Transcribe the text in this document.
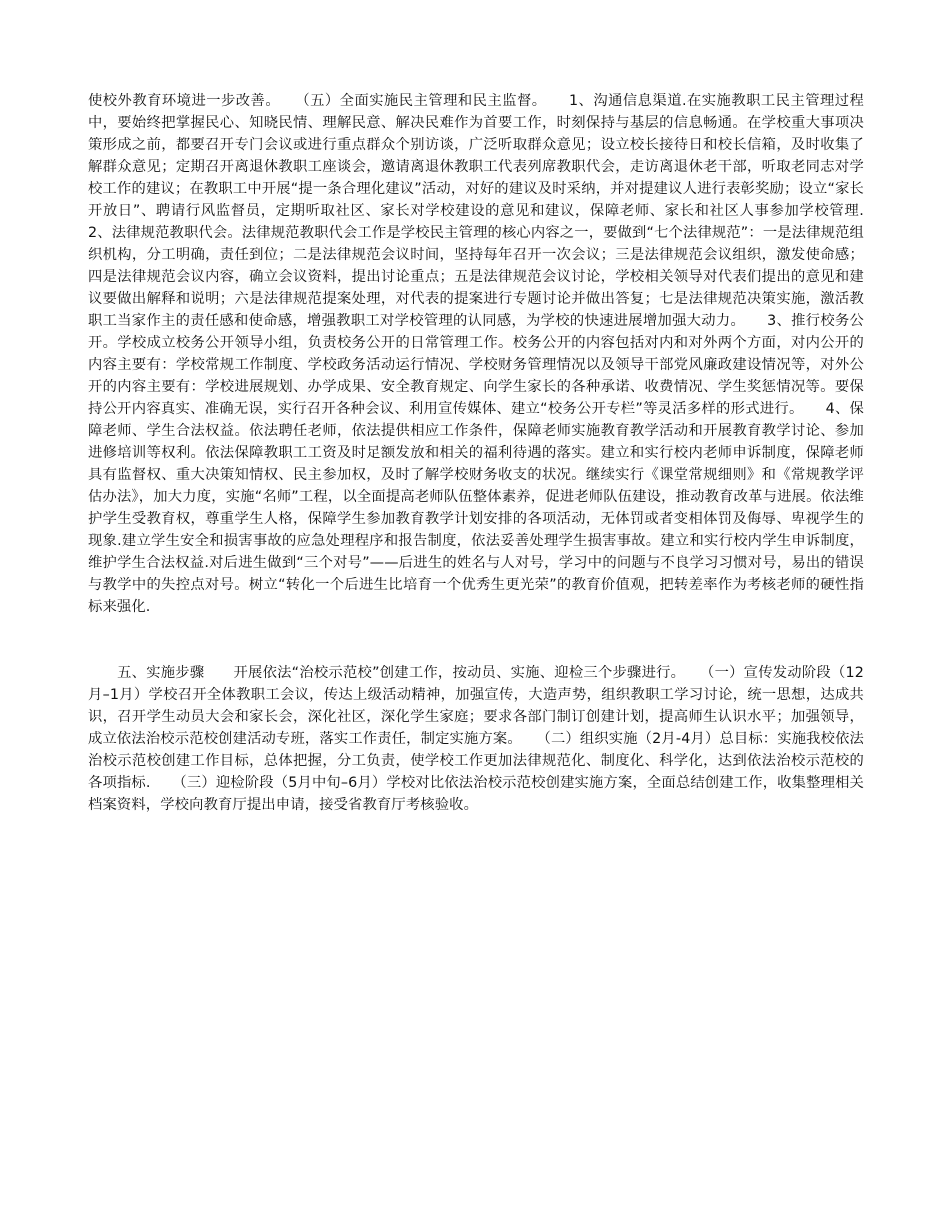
使校外教育环境进一步改善。　　（五）全面实施民主管理和民主监督。　　1、沟通信息渠道.在实施教职工民主管理过程中，要始终把掌握民心、知晓民情、理解民意、解决民难作为首要工作，时刻保持与基层的信息畅通。在学校重大事项决策形成之前，都要召开专门会议或进行重点群众个别访谈，广泛听取群众意见；设立校长接待日和校长信箱，及时收集了解群众意见；定期召开离退休教职工座谈会，邀请离退休教职工代表列席教职代会，走访离退休老干部，听取老同志对学校工作的建议；在教职工中开展“提一条合理化建议”活动，对好的建议及时采纳，并对提建议人进行表彰奖励；设立“家长开放日”、聘请行风监督员，定期听取社区、家长对学校建设的意见和建议，保障老师、家长和社区人事参加学校管理.　　2、法律规范教职代会。法律规范教职代会工作是学校民主管理的核心内容之一，要做到“七个法律规范”：一是法律规范组织机构，分工明确，责任到位；二是法律规范会议时间，坚持每年召开一次会议；三是法律规范会议组织，激发使命感；四是法律规范会议内容，确立会议资料，提出讨论重点；五是法律规范会议讨论，学校相关领导对代表们提出的意见和建议要做出解释和说明；六是法律规范提案处理，对代表的提案进行专题讨论并做出答复；七是法律规范决策实施，激活教职工当家作主的责任感和使命感，增强教职工对学校管理的认同感，为学校的快速进展增加强大动力。　　3、推行校务公开。学校成立校务公开领导小组，负责校务公开的日常管理工作。校务公开的内容包括对内和对外两个方面，对内公开的内容主要有：学校常规工作制度、学校政务活动运行情况、学校财务管理情况以及领导干部党风廉政建设情况等，对外公开的内容主要有：学校进展规划、办学成果、安全教育规定、向学生家长的各种承诺、收费情况、学生奖惩情况等。要保持公开内容真实、准确无误，实行召开各种会议、利用宣传媒体、建立“校务公开专栏”等灵活多样的形式进行。　　4、保障老师、学生合法权益。依法聘任老师，依法提供相应工作条件，保障老师实施教育教学活动和开展教育教学讨论、参加进修培训等权利。依法保障教职工工资及时足额发放和相关的福利待遇的落实。建立和实行校内老师申诉制度，保障老师具有监督权、重大决策知情权、民主参加权，及时了解学校财务收支的状况。继续实行《课堂常规细则》和《常规教学评估办法》，加大力度，实施“名师”工程，以全面提高老师队伍整体素养，促进老师队伍建设，推动教育改革与进展。依法维护学生受教育权，尊重学生人格，保障学生参加教育教学计划安排的各项活动，无体罚或者变相体罚及侮辱、卑视学生的现象.建立学生安全和损害事故的应急处理程序和报告制度，依法妥善处理学生损害事故。建立和实行校内学生申诉制度，维护学生合法权益.对后进生做到“三个对号”——后进生的姓名与人对号，学习中的问题与不良学习习惯对号，易出的错误与教学中的失控点对号。树立“转化一个后进生比培育一个优秀生更光荣”的教育价值观，把转差率作为考核老师的硬性指标来强化.

　　五、实施步骤　　开展依法“治校示范校”创建工作，按动员、实施、迎检三个步骤进行。　　（一）宣传发动阶段（12月–1月）学校召开全体教职工会议，传达上级活动精神，加强宣传，大造声势，组织教职工学习讨论，统一思想，达成共识，召开学生动员大会和家长会，深化社区，深化学生家庭；要求各部门制订创建计划，提高师生认识水平；加强领导，成立依法治校示范校创建活动专班，落实工作责任，制定实施方案。　　（二）组织实施（2月-4月）总目标：实施我校依法治校示范校创建工作目标，总体把握，分工负责，使学校工作更加法律规范化、制度化、科学化，达到依法治校示范校的各项指标.　　（三）迎检阶段（5月中旬–6月）学校对比依法治校示范校创建实施方案，全面总结创建工作，收集整理相关档案资料，学校向教育厅提出申请，接受省教育厅考核验收。
